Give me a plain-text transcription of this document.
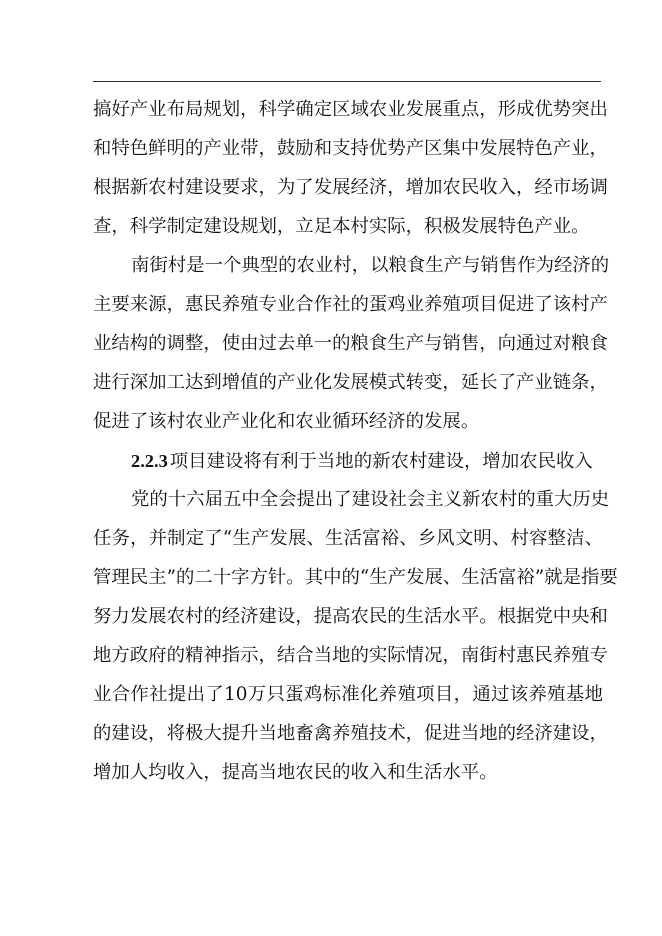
搞好产业布局规划，科学确定区域农业发展重点，形成优势突出
和特色鲜明的产业带，鼓励和支持优势产区集中发展特色产业，
根据新农村建设要求，为了发展经济，增加农民收入，经市场调
查，科学制定建设规划，立足本村实际，积极发展特色产业。
南街村是一个典型的农业村，以粮食生产与销售作为经济的
主要来源，惠民养殖专业合作社的蛋鸡业养殖项目促进了该村产
业结构的调整，使由过去单一的粮食生产与销售，向通过对粮食
进行深加工达到增值的产业化发展模式转变，延长了产业链条，
促进了该村农业产业化和农业循环经济的发展。
2.2.3 项目建设将有利于当地的新农村建设，增加农民收入
党的十六届五中全会提出了建设社会主义新农村的重大历史
任务，并制定了“生产发展、生活富裕、乡风文明、村容整洁、
管理民主”的二十字方针。其中的“生产发展、生活富裕”就是指要
努力发展农村的经济建设，提高农民的生活水平。根据党中央和
地方政府的精神指示，结合当地的实际情况，南街村惠民养殖专
业合作社提出了10万只蛋鸡标准化养殖项目，通过该养殖基地
的建设，将极大提升当地畜禽养殖技术，促进当地的经济建设，
增加人均收入，提高当地农民的收入和生活水平。
